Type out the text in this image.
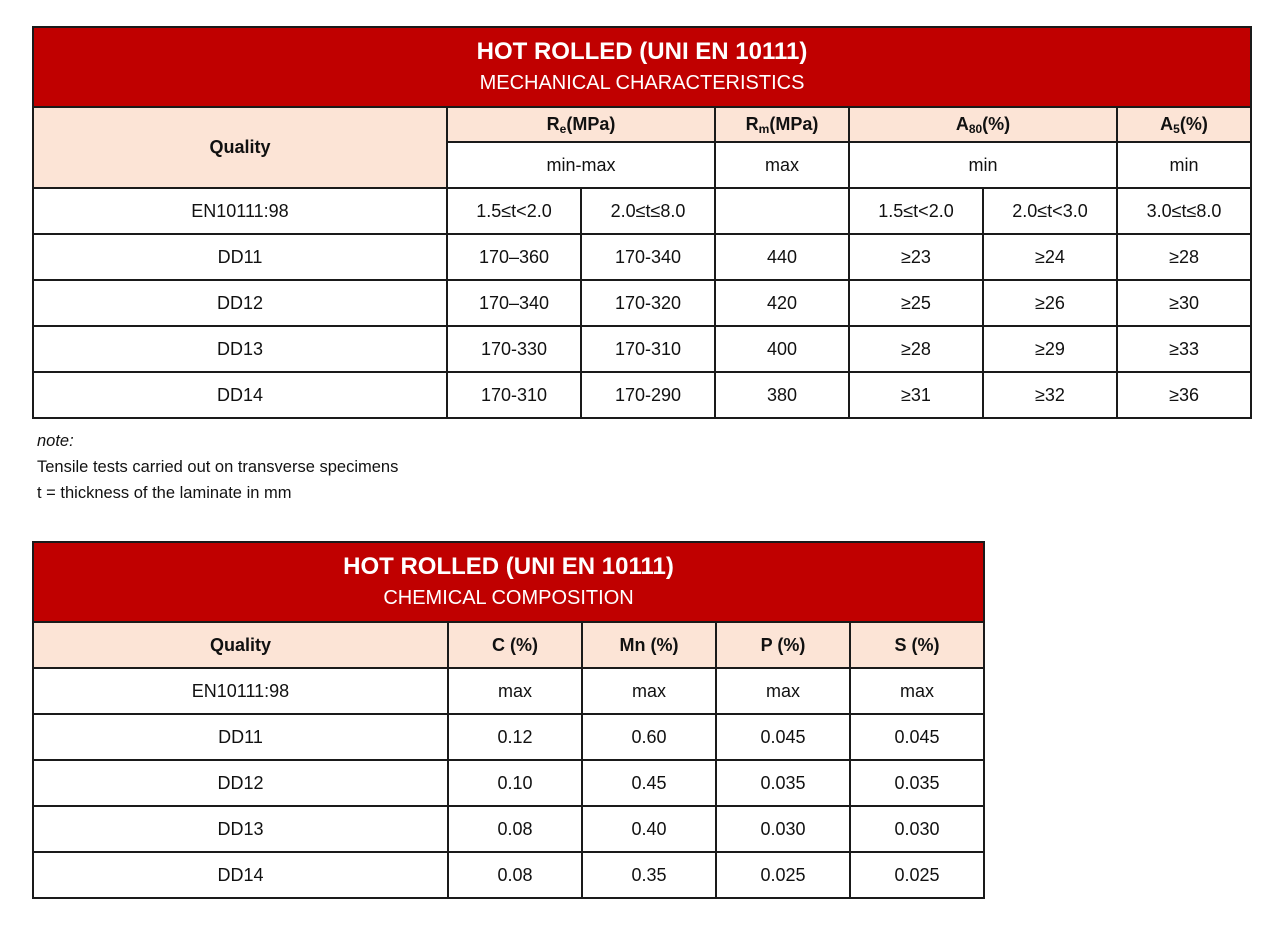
HOT ROLLED (UNI EN 10111)
MECHANICAL CHARACTERISTICS						

Quality	$R_e(MPa)$		$R_m(MPa)$	$A_{80}(\%)$		$A_5(\%)$
	min-max		max	min		min
EN10111:98	1.5≤t<2.0	2.0≤t≤8.0		1.5≤t<2.0	2.0≤t<3.0	3.0≤t≤8.0
DD11	170–360	170-340	440	≥23	≥24	≥28
DD12	170–340	170-320	420	≥25	≥26	≥30
DD13	170-330	170-310	400	≥28	≥29	≥33
DD14	170-310	170-290	380	≥31	≥32	≥36
note:
Tensile tests carried out on transverse specimens
t = thickness of the laminate in mm
HOT ROLLED (UNI EN 10111)
CHEMICAL COMPOSITION				

Quality	C (%)	Mn (%)	P (%)	S (%)
EN10111:98	max	max	max	max
DD11	0.12	0.60	0.045	0.045
DD12	0.10	0.45	0.035	0.035
DD13	0.08	0.40	0.030	0.030
DD14	0.08	0.35	0.025	0.025
